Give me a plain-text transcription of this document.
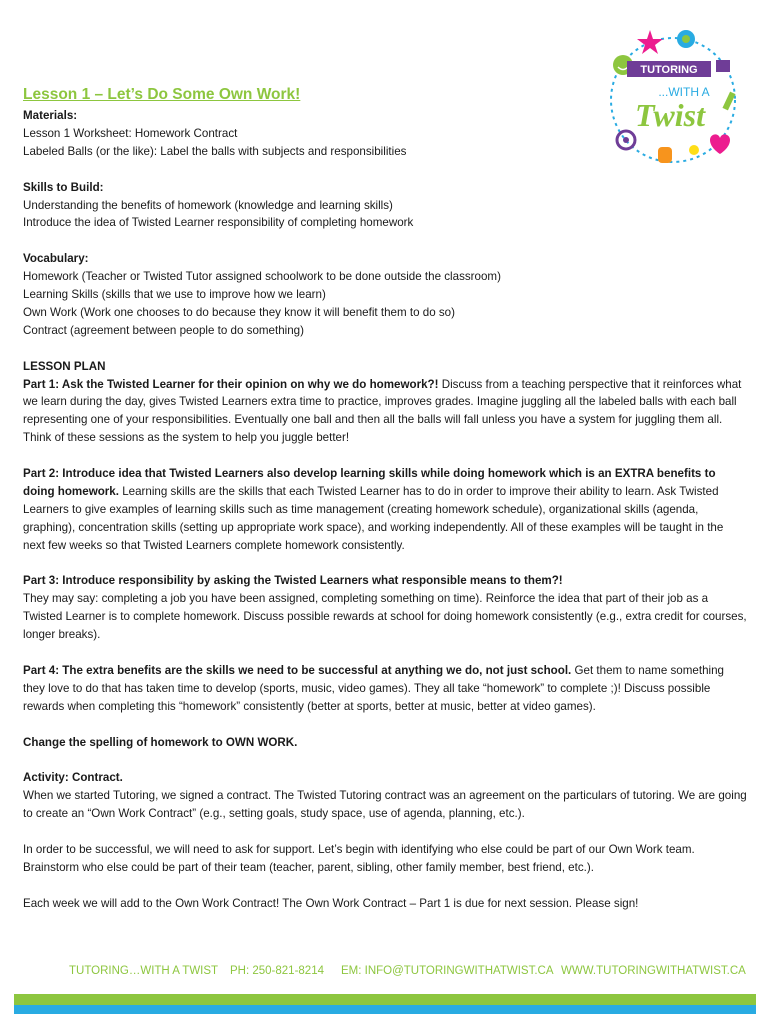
TUTORING
...WITH A
Twist
Lesson 1 – Let’s Do Some Own Work!

Materials:

Lesson 1 Worksheet: Homework Contract

Labeled Balls (or the like): Label the balls with subjects and responsibilities

Skills to Build:

Understanding the benefits of homework (knowledge and learning skills)

Introduce the idea of Twisted Learner responsibility of completing homework

Vocabulary:

Homework (Teacher or Twisted Tutor assigned schoolwork to be done outside the classroom)

Learning Skills (skills that we use to improve how we learn)

Own Work (Work one chooses to do because they know it will benefit them to do so)

Contract (agreement between people to do something)

LESSON PLAN

Part 1: Ask the Twisted Learner for their opinion on why we do homework?! Discuss from a teaching perspective that it reinforces what we learn during the day, gives Twisted Learners extra time to practice, improves grades. Imagine juggling all the labeled balls with each ball representing one of your responsibilities. Eventually one ball and then all the balls will fall unless you have a system for juggling them all. Think of these sessions as the system to help you juggle better!

Part 2: Introduce idea that Twisted Learners also develop learning skills while doing homework which is an EXTRA benefits to doing homework. Learning skills are the skills that each Twisted Learner has to do in order to improve their ability to learn. Ask Twisted Learners to give examples of learning skills such as time management (creating homework schedule), organizational skills (agenda, graphing), concentration skills (setting up appropriate work space), and working independently. All of these examples will be taught in the next few weeks so that Twisted Learners complete homework consistently.

Part 3: Introduce responsibility by asking the Twisted Learners what responsible means to them?!

They may say: completing a job you have been assigned, completing something on time). Reinforce the idea that part of their job as a Twisted Learner is to complete homework. Discuss possible rewards at school for doing homework consistently (e.g., extra credit for courses, longer breaks).

Part 4: The extra benefits are the skills we need to be successful at anything we do, not just school. Get them to name something they love to do that has taken time to develop (sports, music, video games). They all take “homework” to complete ;)! Discuss possible rewards when completing this “homework” consistently (better at sports, better at music, better at video games).

Change the spelling of homework to OWN WORK.

Activity: Contract.

When we started Tutoring, we signed a contract. The Twisted Tutoring contract was an agreement on the particulars of tutoring. We are going to create an “Own Work Contract” (e.g., setting goals, study space, use of agenda, planning, etc.).

In order to be successful, we will need to ask for support. Let’s begin with identifying who else could be part of our Own Work team. Brainstorm who else could be part of their team (teacher, parent, sibling, other family member, best friend, etc.).

Each week we will add to the Own Work Contract! The Own Work Contract – Part 1 is due for next session. Please sign!

TUTORING…WITH A TWIST PH: 250-821-8214 EM: INFO@TUTORINGWITHATWIST.CA WWW.TUTORINGWITHATWIST.CA
